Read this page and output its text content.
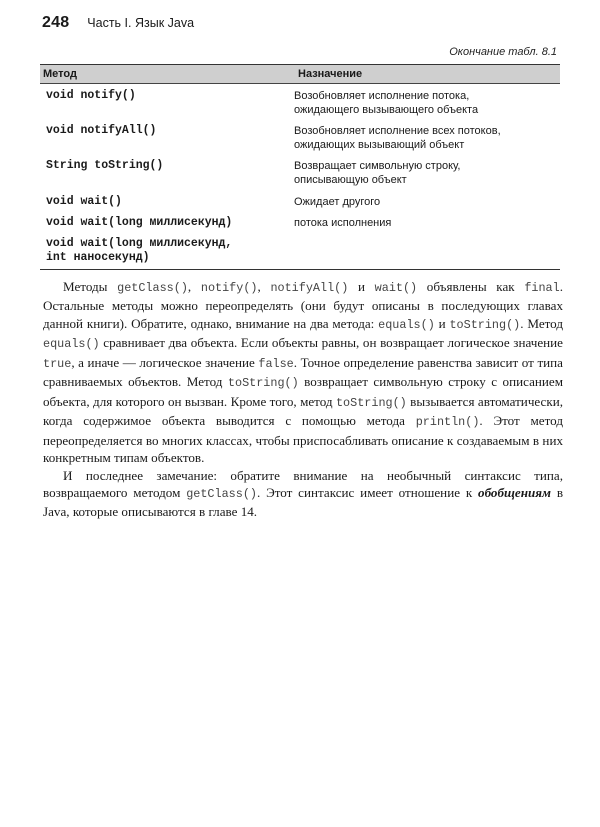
248 Часть I. Язык Java
Окончание табл. 8.1
Метод	Назначение
void notify()	Возобновляет исполнение потока,
ожидающего вызывающего объекта
void notifyAll()	Возобновляет исполнение всех потоков,
ожидающих вызывающий объект
String toString()	Возвращает символьную строку,
описывающую объект
void wait()	Ожидает другого
void wait(long миллисекунд)	потока исполнения
void wait(long миллисекунд,
int наносекунд)

Методы getClass(), notify(), notifyAll() и wait() объявлены как final. Остальные методы можно переопределять (они будут описаны в последующих главах данной книги). Обратите, однако, внимание на два метода: equals() и toString(). Метод equals() сравнивает два объекта. Если объекты равны, он возвращает логическое значение true, а иначе — логическое значение false. Точное определение равенства зависит от типа сравниваемых объектов. Метод toString() возвращает символьную строку с описанием объекта, для которого он вызван. Кроме того, метод toString() вызывается автоматически, когда содержимое объекта выводится с помощью метода println(). Этот метод переопределяется во многих классах, чтобы приспосабливать описание к создаваемым в них конкретным типам объектов.

И последнее замечание: обратите внимание на необычный синтаксис типа, возвращаемого методом getClass(). Этот синтаксис имеет отношение к обобщениям в Java, которые описываются в главе 14.
